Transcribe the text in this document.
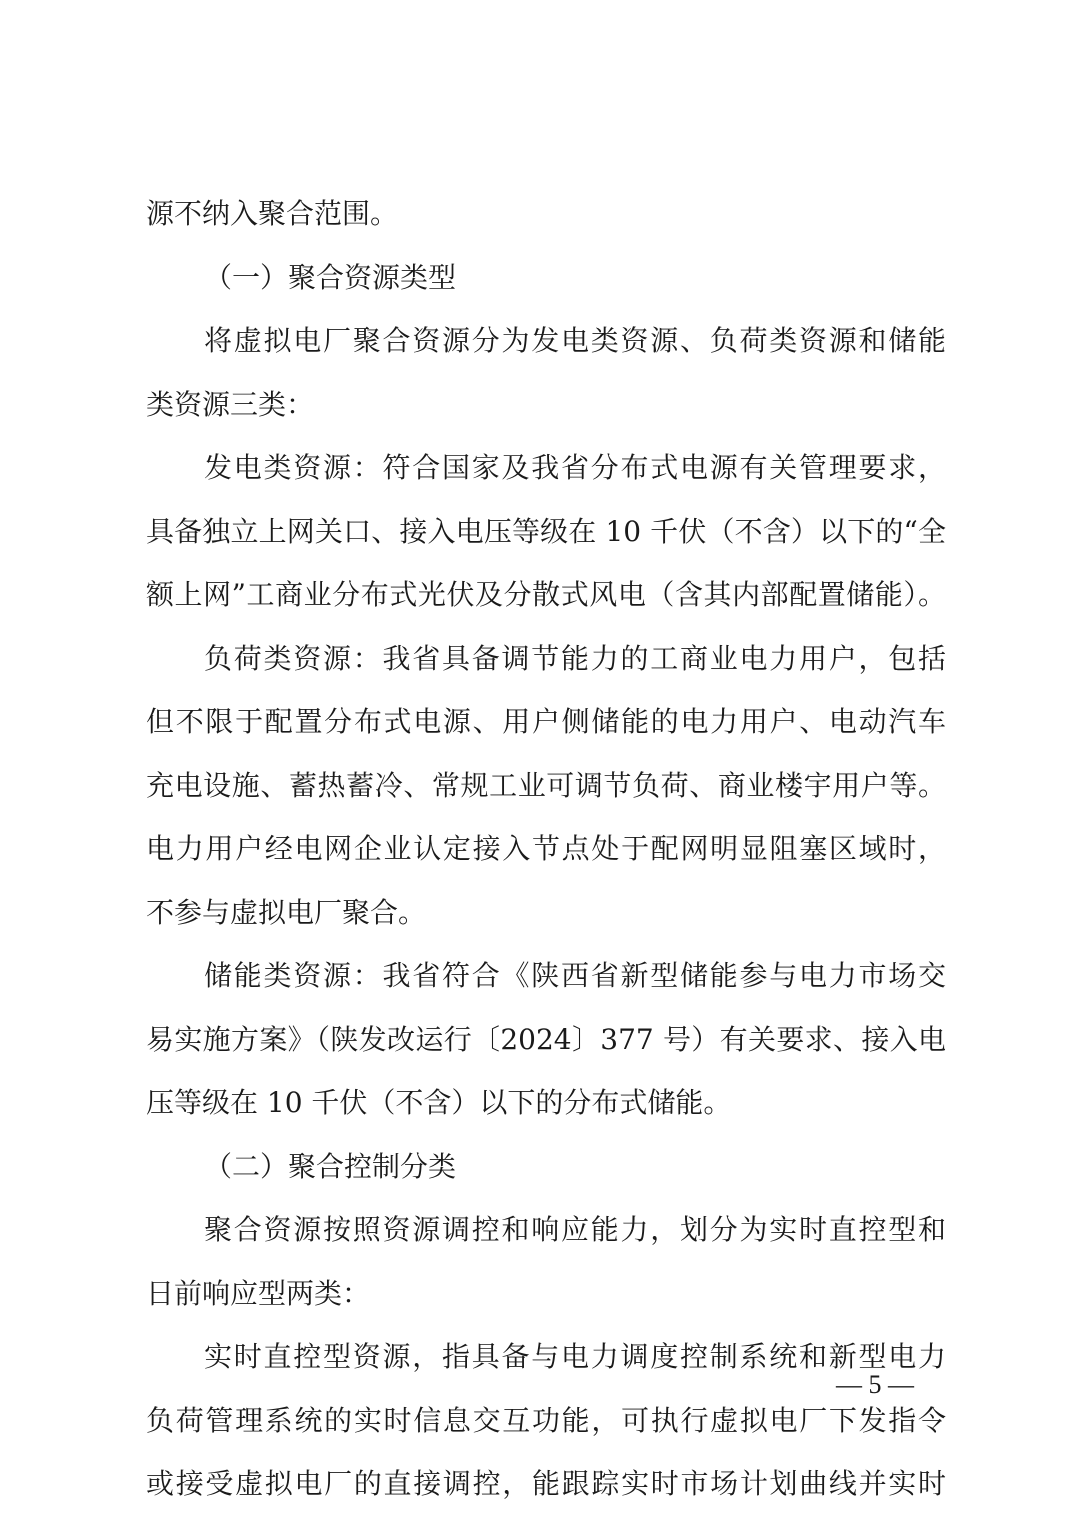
源不纳入聚合范围。
（一）聚合资源类型
将虚拟电厂聚合资源分为发电类资源、负荷类资源和储能
类资源三类：
发电类资源：符合国家及我省分布式电源有关管理要求，
具备独立上网关口、接入电压等级在 10 千伏（不含）以下的“全
额上网”工商业分布式光伏及分散式风电（含其内部配置储能）。
负荷类资源：我省具备调节能力的工商业电力用户，包括
但不限于配置分布式电源、用户侧储能的电力用户、电动汽车
充电设施、蓄热蓄冷、常规工业可调节负荷、商业楼宇用户等。
电力用户经电网企业认定接入节点处于配网明显阻塞区域时，
不参与虚拟电厂聚合。
储能类资源：我省符合《陕西省新型储能参与电力市场交
易实施方案》（陕发改运行〔2024〕377 号）有关要求、接入电
压等级在 10 千伏（不含）以下的分布式储能。
（二）聚合控制分类
聚合资源按照资源调控和响应能力，划分为实时直控型和
日前响应型两类：
实时直控型资源，指具备与电力调度控制系统和新型电力
负荷管理系统的实时信息交互功能，可执行虚拟电厂下发指令
或接受虚拟电厂的直接调控，能跟踪实时市场计划曲线并实时
— 5 —
